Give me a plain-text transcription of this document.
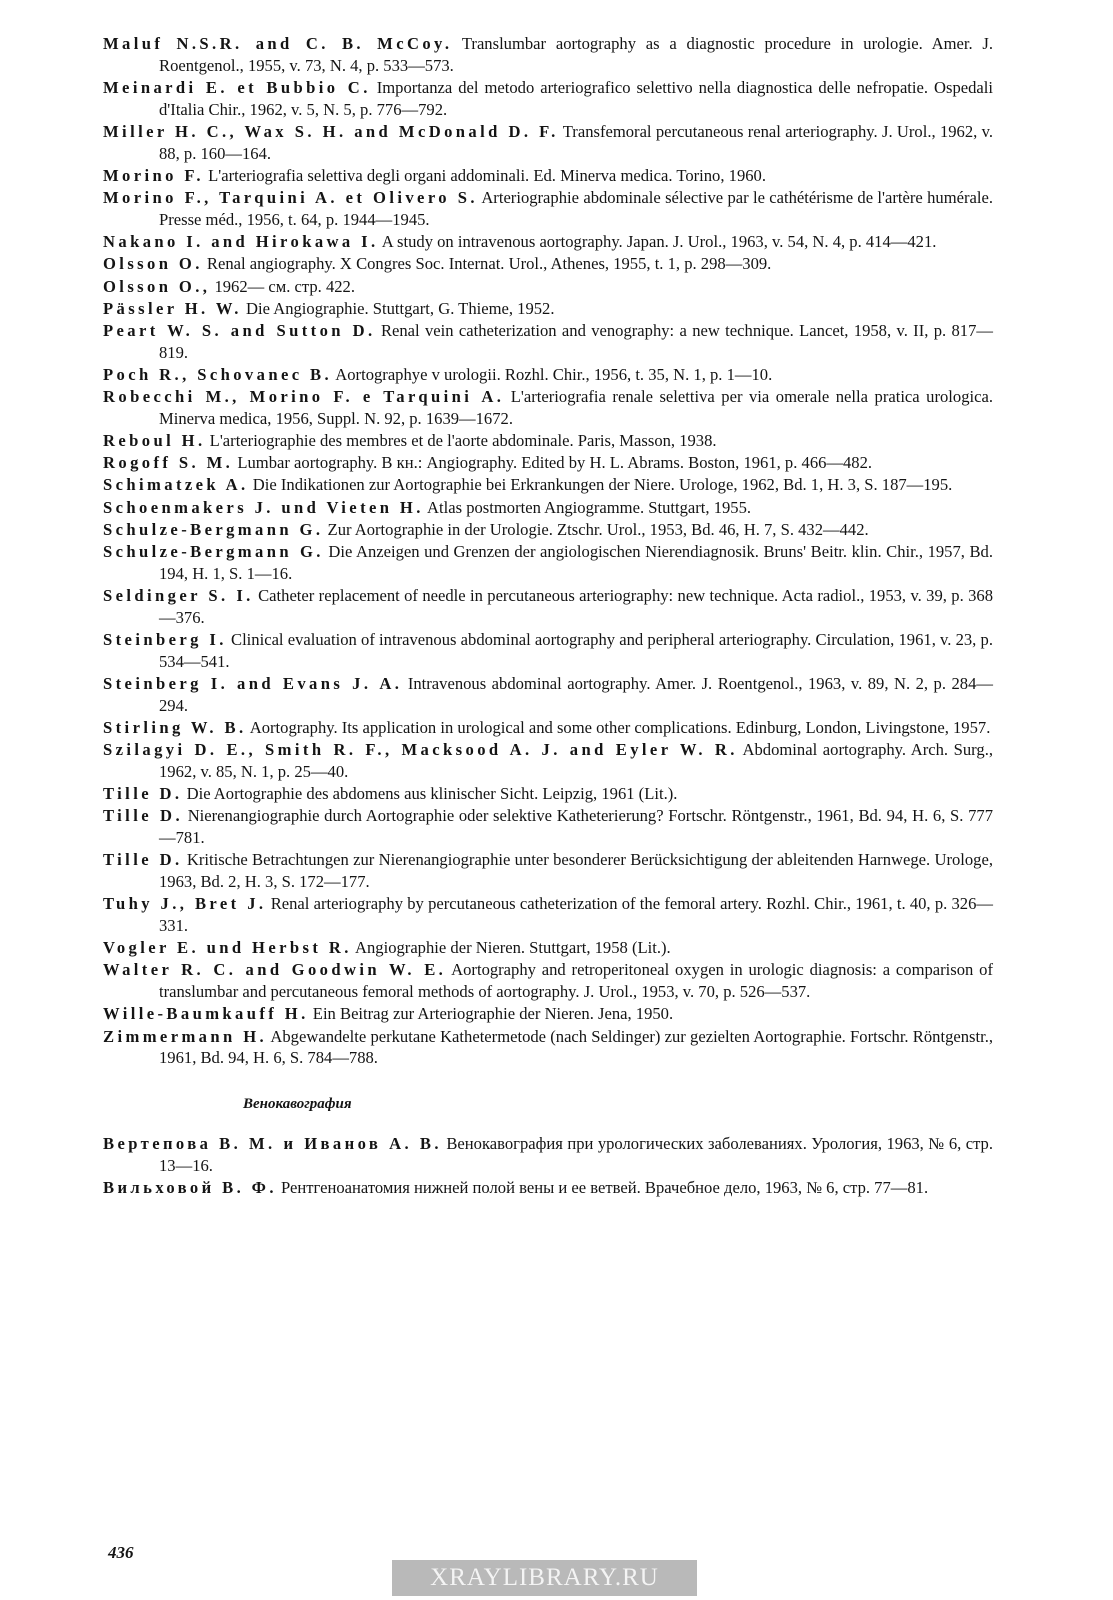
Maluf N.S.R. and C. B. McCoy. Translumbar aortography as a diagnostic procedure in urologie. Amer. J. Roentgenol., 1955, v. 73, N. 4, p. 533—573.

Meinardi E. et Bubbio C. Importanza del metodo arteriografico selettivo nella diagnostica delle nefropatie. Ospedali d'Italia Chir., 1962, v. 5, N. 5, p. 776—792.

Miller H. C., Wax S. H. and McDonald D. F. Transfemoral percutaneous renal arteriography. J. Urol., 1962, v. 88, p. 160—164.

Morino F. L'arteriografia selettiva degli organi addominali. Ed. Minerva medica. Torino, 1960.

Morino F., Tarquini A. et Olivero S. Arteriographie abdominale sélective par le cathétérisme de l'artère humérale. Presse méd., 1956, t. 64, p. 1944—1945.

Nakano I. and Hirokawa I. A study on intravenous aortography. Japan. J. Urol., 1963, v. 54, N. 4, p. 414—421.

Olsson O. Renal angiography. X Congres Soc. Internat. Urol., Athenes, 1955, t. 1, p. 298—309.

Olsson O., 1962— см. стр. 422.

Pässler H. W. Die Angiographie. Stuttgart, G. Thieme, 1952.

Peart W. S. and Sutton D. Renal vein catheterization and venography: a new technique. Lancet, 1958, v. II, p. 817—819.

Poch R., Schovanec B. Aortographye v urologii. Rozhl. Chir., 1956, t. 35, N. 1, p. 1—10.

Robecchi M., Morino F. e Tarquini A. L'arteriografia renale selettiva per via omerale nella pratica urologica. Minerva medica, 1956, Suppl. N. 92, p. 1639—1672.

Reboul H. L'arteriographie des membres et de l'aorte abdominale. Paris, Masson, 1938.

Rogoff S. M. Lumbar aortography. В кн.: Angiography. Edited by H. L. Abrams. Boston, 1961, p. 466—482.

Schimatzek A. Die Indikationen zur Aortographie bei Erkrankungen der Niere. Urologe, 1962, Bd. 1, H. 3, S. 187—195.

Schoenmakers J. und Vieten H. Atlas postmorten Angiogramme. Stuttgart, 1955.

Schulze-Bergmann G. Zur Aortographie in der Urologie. Ztschr. Urol., 1953, Bd. 46, H. 7, S. 432—442.

Schulze-Bergmann G. Die Anzeigen und Grenzen der angiologischen Nierendiagnosik. Bruns' Beitr. klin. Chir., 1957, Bd. 194, H. 1, S. 1—16.

Seldinger S. I. Catheter replacement of needle in percutaneous arteriography: new technique. Acta radiol., 1953, v. 39, p. 368—376.

Steinberg I. Clinical evaluation of intravenous abdominal aortography and peripheral arteriography. Circulation, 1961, v. 23, p. 534—541.

Steinberg I. and Evans J. A. Intravenous abdominal aortography. Amer. J. Roentgenol., 1963, v. 89, N. 2, p. 284—294.

Stirling W. B. Aortography. Its application in urological and some other complications. Edinburg, London, Livingstone, 1957.

Szilagyi D. E., Smith R. F., Macksood A. J. and Eyler W. R. Abdominal aortography. Arch. Surg., 1962, v. 85, N. 1, p. 25—40.

Tille D. Die Aortographie des abdomens aus klinischer Sicht. Leipzig, 1961 (Lit.).

Tille D. Nierenangiographie durch Aortographie oder selektive Katheterierung? Fortschr. Röntgenstr., 1961, Bd. 94, H. 6, S. 777—781.

Tille D. Kritische Betrachtungen zur Nierenangiographie unter besonderer Berücksichtigung der ableitenden Harnwege. Urologe, 1963, Bd. 2, H. 3, S. 172—177.

Tuhy J., Bret J. Renal arteriography by percutaneous catheterization of the femoral artery. Rozhl. Chir., 1961, t. 40, p. 326—331.

Vogler E. und Herbst R. Angiographie der Nieren. Stuttgart, 1958 (Lit.).

Walter R. C. and Goodwin W. E. Aortography and retroperitoneal oxygen in urologic diagnosis: a comparison of translumbar and percutaneous femoral methods of aortography. J. Urol., 1953, v. 70, p. 526—537.

Wille-Baumkauff H. Ein Beitrag zur Arteriographie der Nieren. Jena, 1950.

Zimmermann H. Abgewandelte perkutane Kathetermetode (nach Seldinger) zur gezielten Aortographie. Fortschr. Röntgenstr., 1961, Bd. 94, H. 6, S. 784—788.

Венокавография

Вертепова В. М. и Иванов А. В. Венокавография при урологических заболеваниях. Урология, 1963, № 6, стр. 13—16.

Вильховой В. Ф. Рентгеноанатомия нижней полой вены и ее ветвей. Врачебное дело, 1963, № 6, стр. 77—81.

436
XRAYLIBRARY.RU
